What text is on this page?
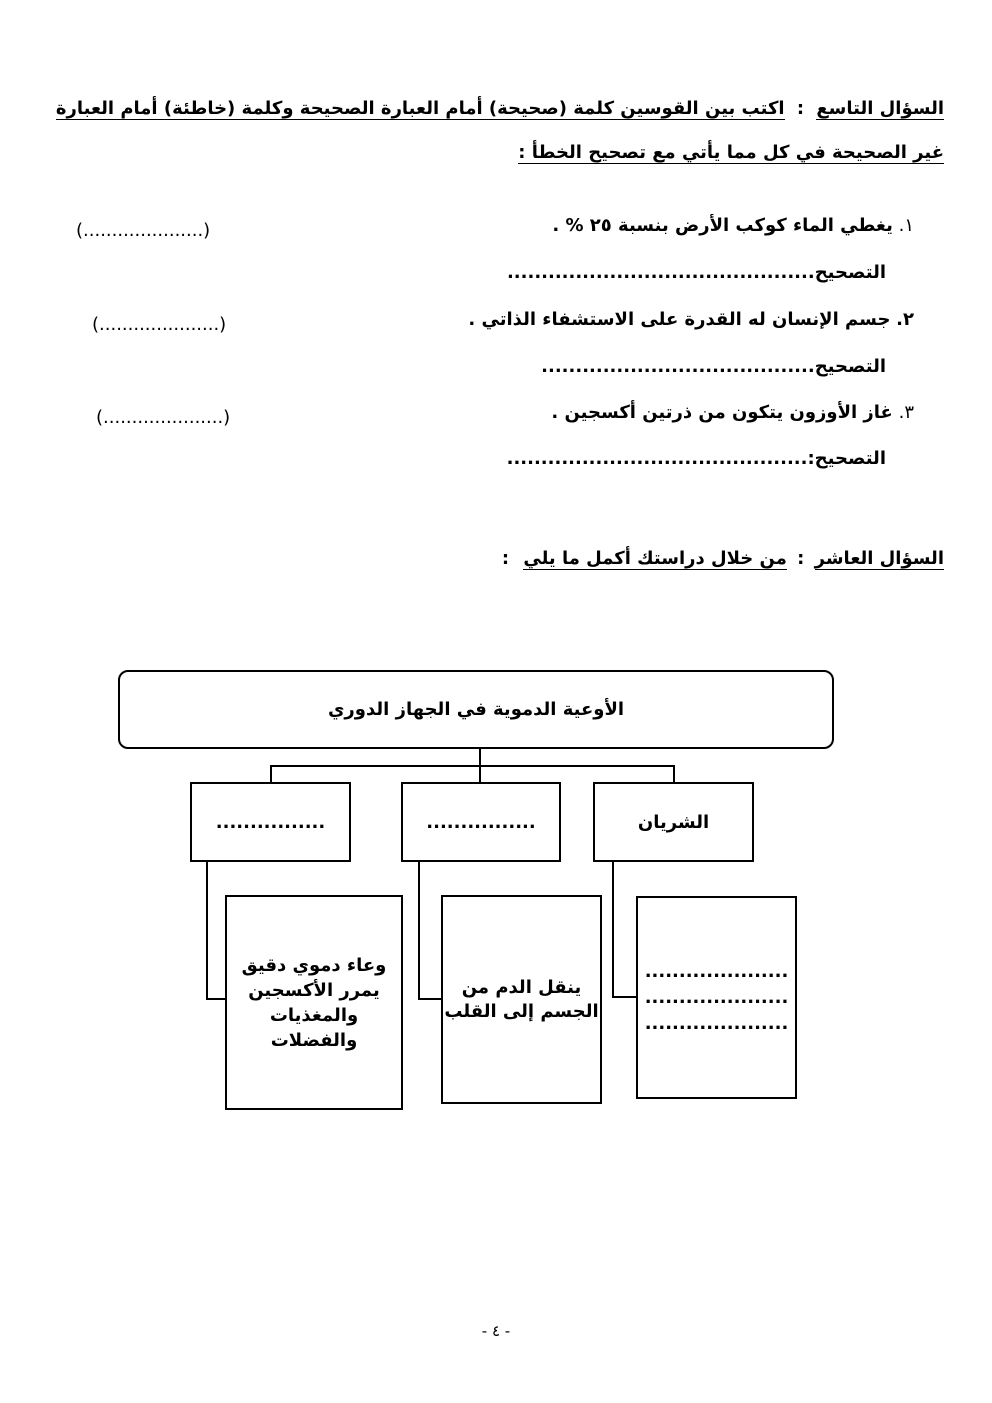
السؤال التاسع : اكتب بين القوسين كلمة (صحيحة) أمام العبارة الصحيحة وكلمة (خاطئة) أمام العبارة
غير الصحيحة في كل مما يأتي مع تصحيح الخطأ :
١. يغطي الماء كوكب الأرض بنسبة ٢٥ % .
(.....................)
التصحيح.............................................
٢. جسم الإنسان له القدرة على الاستشفاء الذاتي .
(.....................)
التصحيح........................................
٣. غاز الأوزون يتكون من ذرتين أكسجين .
(.....................)
التصحيح:............................................
السؤال العاشر : من خلال دراستك أكمل ما يلي :
الأوعية الدموية في الجهاز الدوري
الشريان
................
................
.....................
.....................
.....................
ينقل الدم من
الجسم إلى القلب
وعاء دموي دقيق
يمرر الأكسجين
والمغذيات
والفضلات
- ٤ -
